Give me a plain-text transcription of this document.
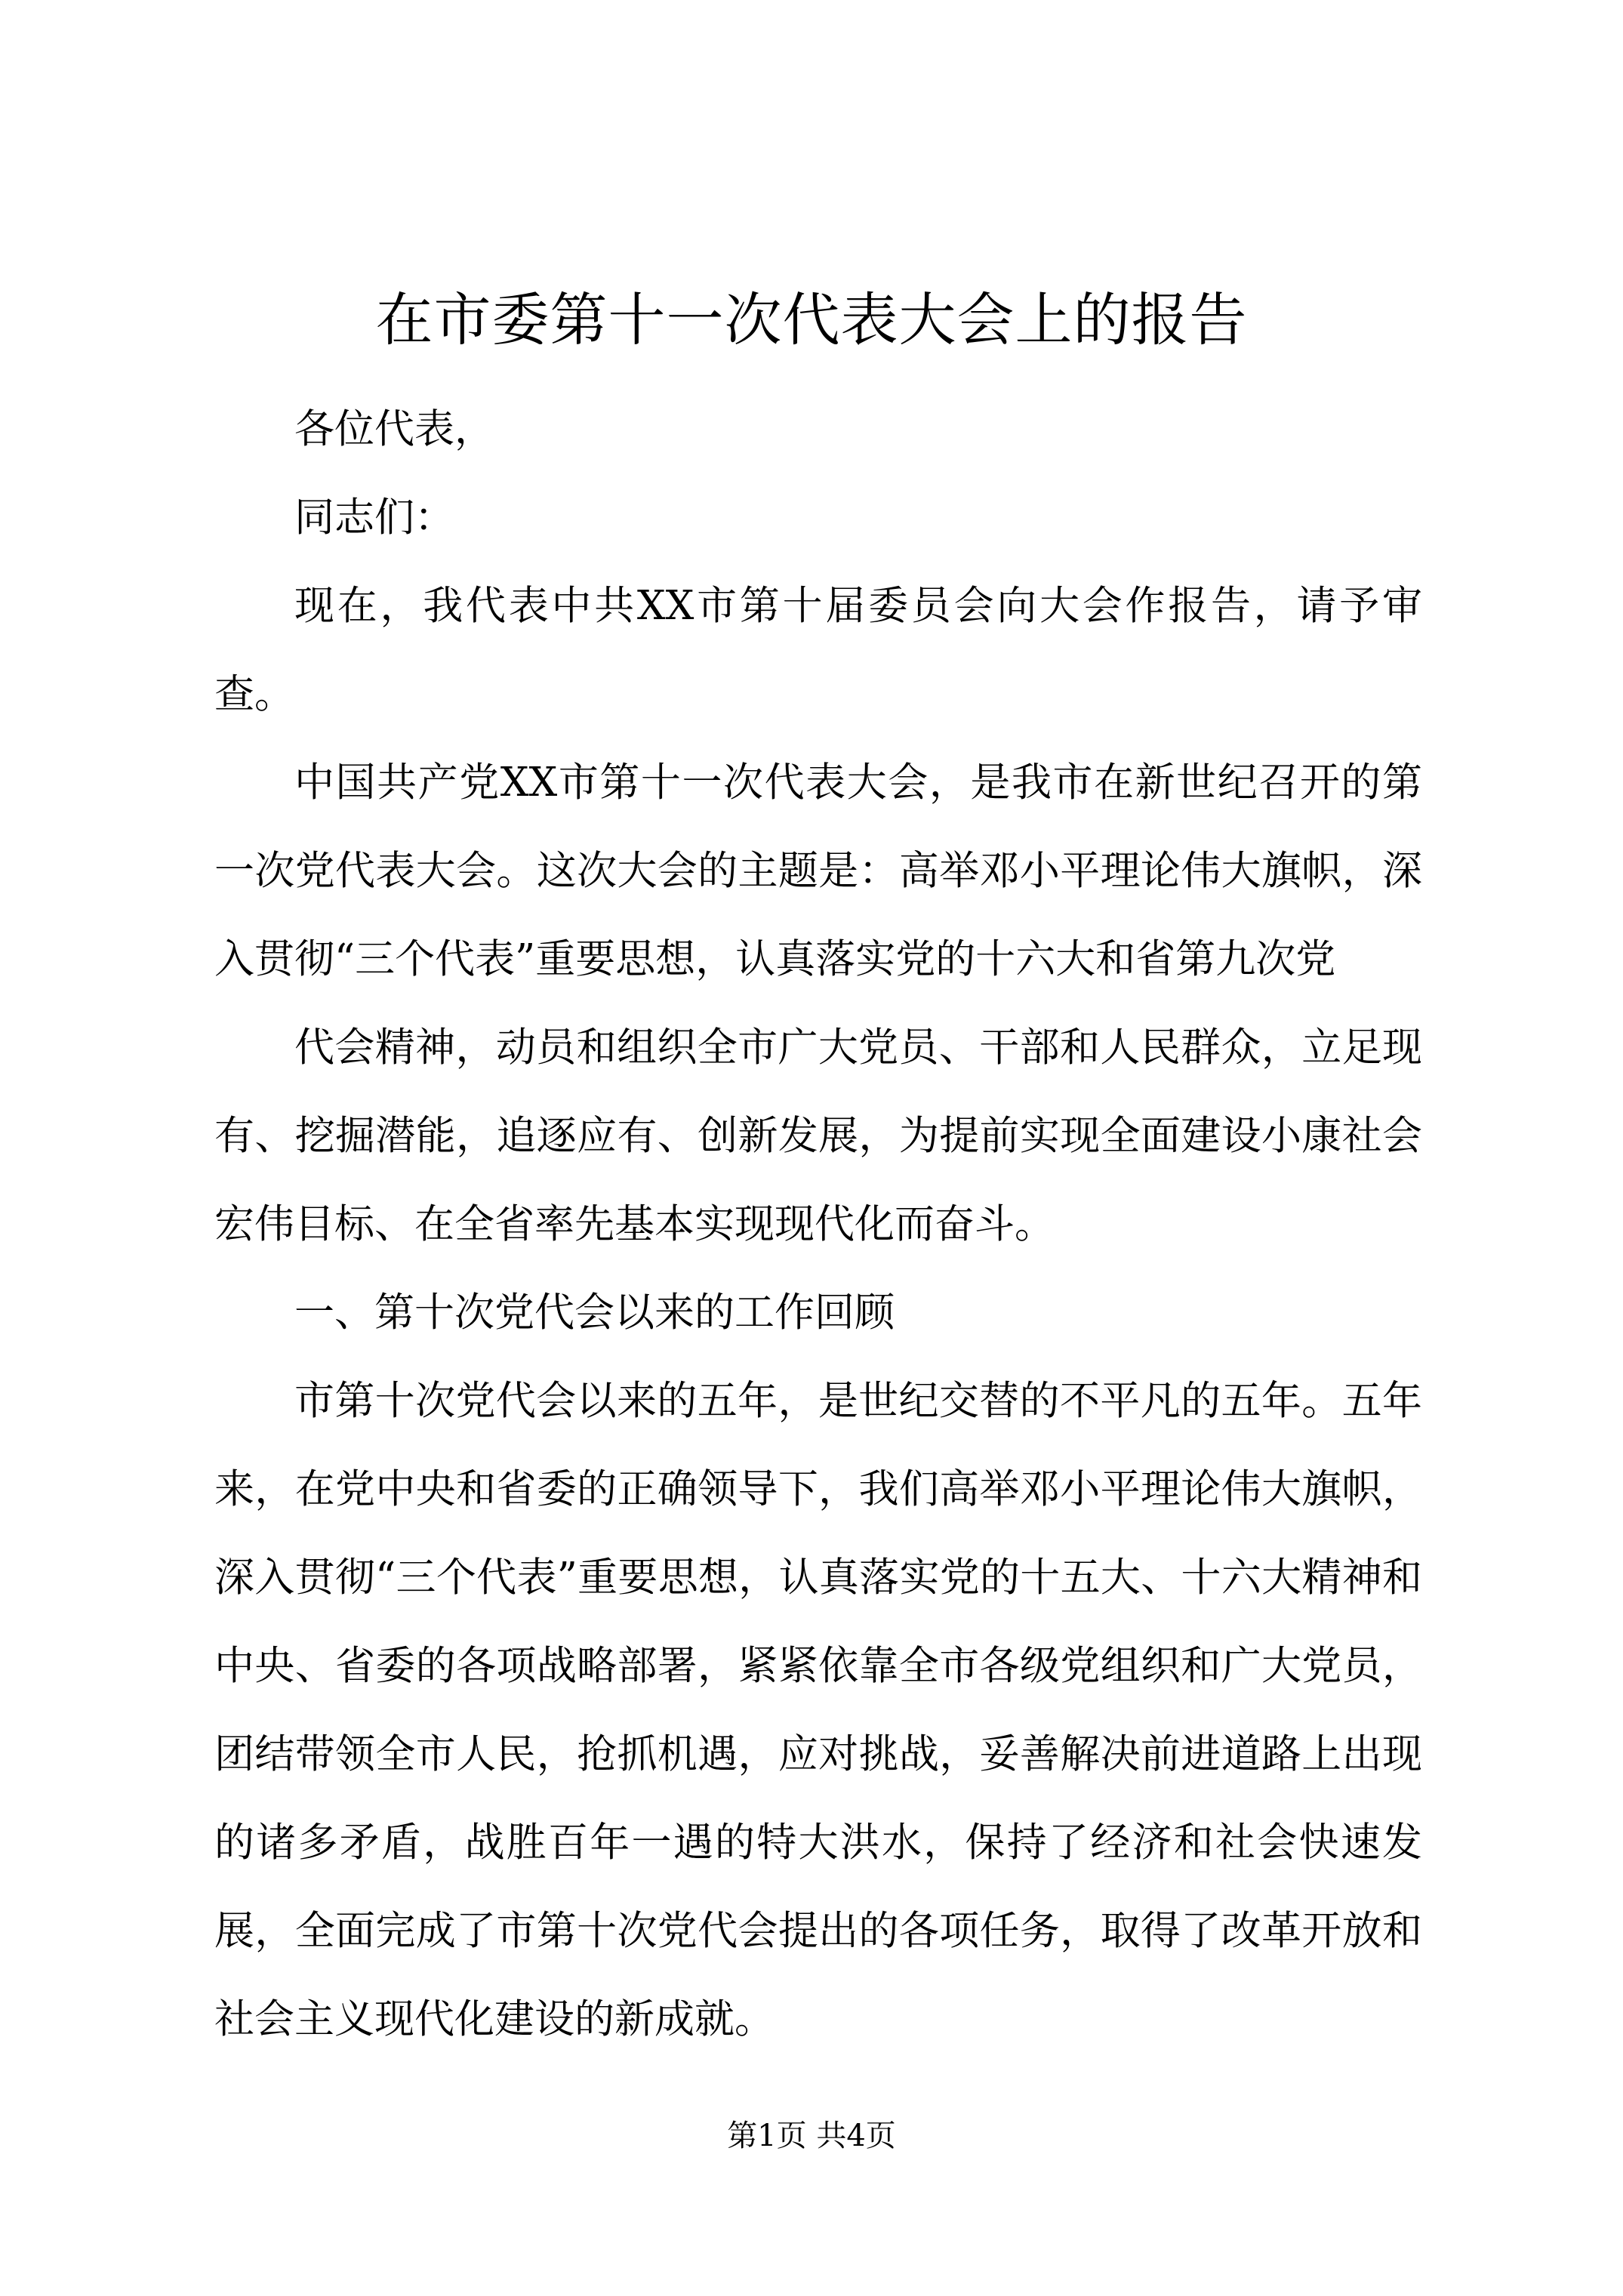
在市委第十一次代表大会上的报告

各位代表，

同志们：

现在，我代表中共XX市第十届委员会向大会作报告，请予审查。

中国共产党XX市第十一次代表大会，是我市在新世纪召开的第一次党代表大会。这次大会的主题是：高举邓小平理论伟大旗帜，深入贯彻“三个代表”重要思想，认真落实党的十六大和省第九次党

代会精神，动员和组织全市广大党员、干部和人民群众，立足现有、挖掘潜能，追逐应有、创新发展，为提前实现全面建设小康社会宏伟目标、在全省率先基本实现现代化而奋斗。

一、第十次党代会以来的工作回顾

市第十次党代会以来的五年，是世纪交替的不平凡的五年。五年来，在党中央和省委的正确领导下，我们高举邓小平理论伟大旗帜，深入贯彻“三个代表”重要思想，认真落实党的十五大、十六大精神和中央、省委的各项战略部署，紧紧依靠全市各级党组织和广大党员，团结带领全市人民，抢抓机遇，应对挑战，妥善解决前进道路上出现的诸多矛盾，战胜百年一遇的特大洪水，保持了经济和社会快速发展，全面完成了市第十次党代会提出的各项任务，取得了改革开放和社会主义现代化建设的新成就。

第1页 共4页
